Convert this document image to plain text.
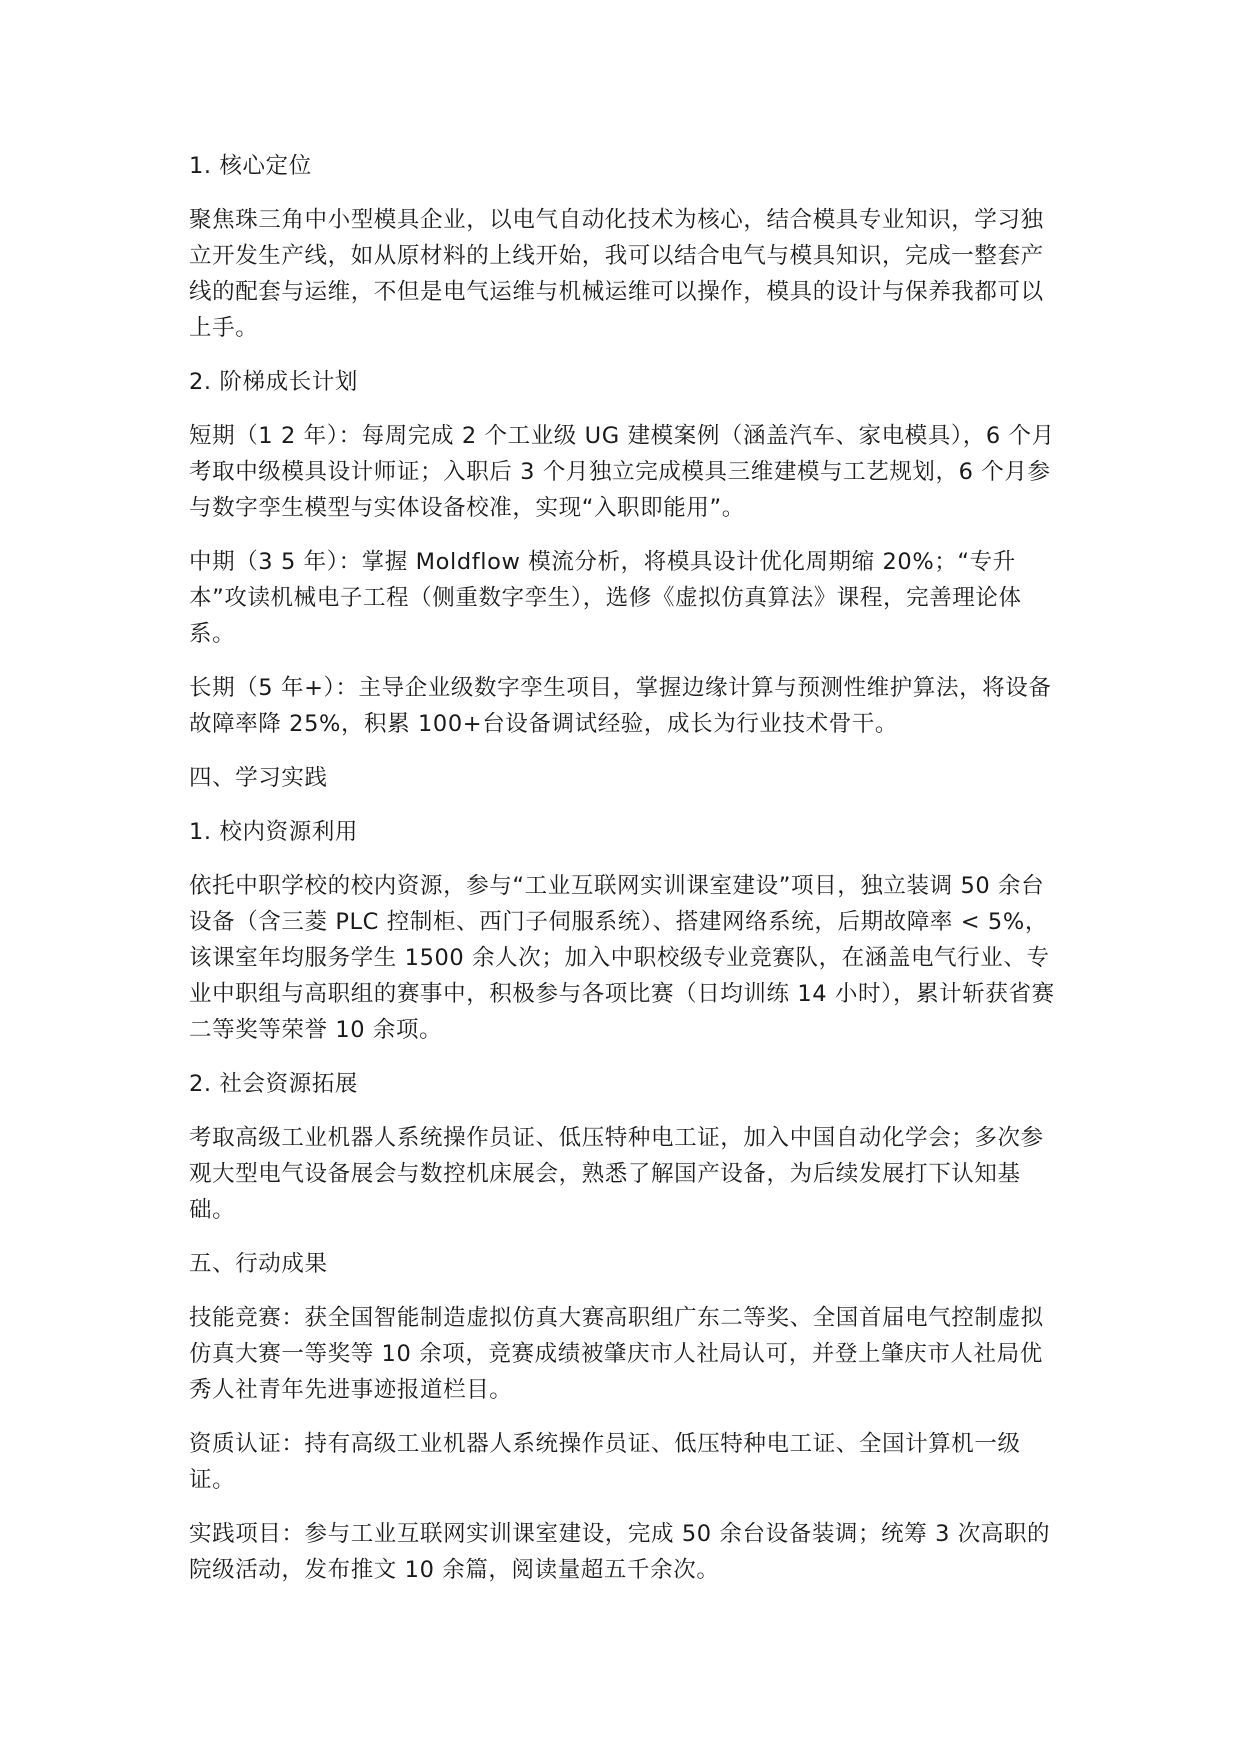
1. 核心定位

聚焦珠三角中小型模具企业，以电气自动化技术为核心，结合模具专业知识，学习独立开发生产线，如从原材料的上线开始，我可以结合电气与模具知识，完成一整套产线的配套与运维，不但是电气运维与机械运维可以操作，模具的设计与保养我都可以上手。

2. 阶梯成长计划

短期（1 2 年）：每周完成 2 个工业级 UG 建模案例（涵盖汽车、家电模具），6 个月考取中级模具设计师证；入职后 3 个月独立完成模具三维建模与工艺规划，6 个月参与数字孪生模型与实体设备校准，实现“入职即能用”。

中期（3 5 年）：掌握 Moldflow 模流分析，将模具设计优化周期缩 20%；“专升本”攻读机械电子工程（侧重数字孪生），选修《虚拟仿真算法》课程，完善理论体系。

长期（5 年+）：主导企业级数字孪生项目，掌握边缘计算与预测性维护算法，将设备故障率降 25%，积累 100+台设备调试经验，成长为行业技术骨干。

四、学习实践

1. 校内资源利用

依托中职学校的校内资源，参与“工业互联网实训课室建设”项目，独立装调 50 余台设备（含三菱 PLC 控制柜、西门子伺服系统）、搭建网络系统，后期故障率 < 5%，该课室年均服务学生 1500 余人次；加入中职校级专业竞赛队，在涵盖电气行业、专业中职组与高职组的赛事中，积极参与各项比赛（日均训练 14 小时），累计斩获省赛二等奖等荣誉 10 余项。

2. 社会资源拓展

考取高级工业机器人系统操作员证、低压特种电工证，加入中国自动化学会；多次参观大型电气设备展会与数控机床展会，熟悉了解国产设备，为后续发展打下认知基础。

五、行动成果

技能竞赛：获全国智能制造虚拟仿真大赛高职组广东二等奖、全国首届电气控制虚拟仿真大赛一等奖等 10 余项，竞赛成绩被肇庆市人社局认可，并登上肇庆市人社局优秀人社青年先进事迹报道栏目。

资质认证：持有高级工业机器人系统操作员证、低压特种电工证、全国计算机一级证。

实践项目：参与工业互联网实训课室建设，完成 50 余台设备装调；统筹 3 次高职的院级活动，发布推文 10 余篇，阅读量超五千余次。
